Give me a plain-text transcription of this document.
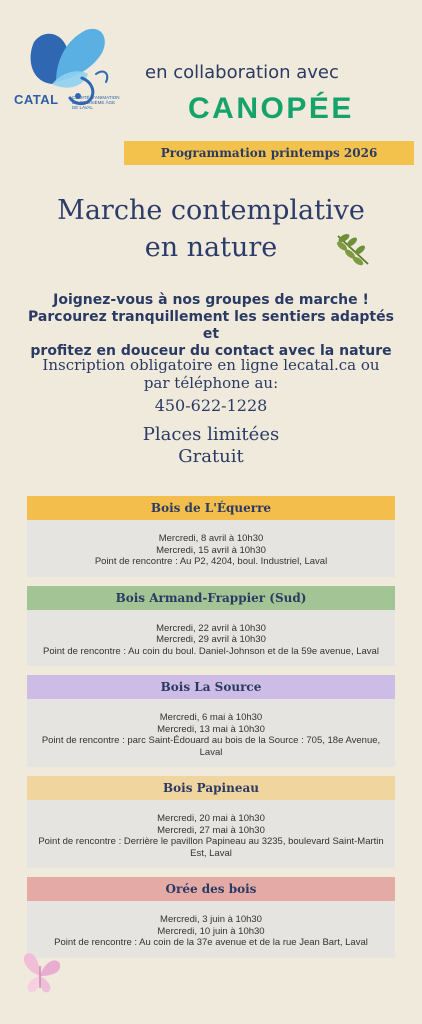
CATAL	COMITÉ D'ANIMATION DU TROISIÈME ÂGE DE LAVAL
en collaboration avec
CANOPÉE
Programmation printemps 2026
Marche contemplative
en nature
Joignez-vous à nos groupes de marche !
Parcourez tranquillement les sentiers adaptés et
profitez en douceur du contact avec la nature
Inscription obligatoire en ligne lecatal.ca ou
par téléphone au:
450-622-1228
Places limitées
Gratuit
Bois de L'Équerre
Mercredi, 8 avril à 10h30
Mercredi, 15 avril à 10h30
Point de rencontre : Au P2, 4204, boul. Industriel, Laval
Bois Armand-Frappier (Sud)
Mercredi, 22 avril à 10h30
Mercredi, 29 avril à 10h30
Point de rencontre : Au coin du boul. Daniel-Johnson et de la 59e avenue, Laval
Bois La Source
Mercredi, 6 mai à 10h30
Mercredi, 13 mai à 10h30
Point de rencontre : parc Saint-Édouard au bois de la Source : 705, 18e Avenue, Laval
Bois Papineau
Mercredi, 20 mai à 10h30
Mercredi, 27 mai à 10h30
Point de rencontre : Derrière le pavillon Papineau au 3235, boulevard Saint-Martin Est, Laval
Orée des bois
Mercredi, 3 juin à 10h30
Mercredi, 10 juin à 10h30
Point de rencontre : Au coin de la 37e avenue et de la rue Jean Bart, Laval
